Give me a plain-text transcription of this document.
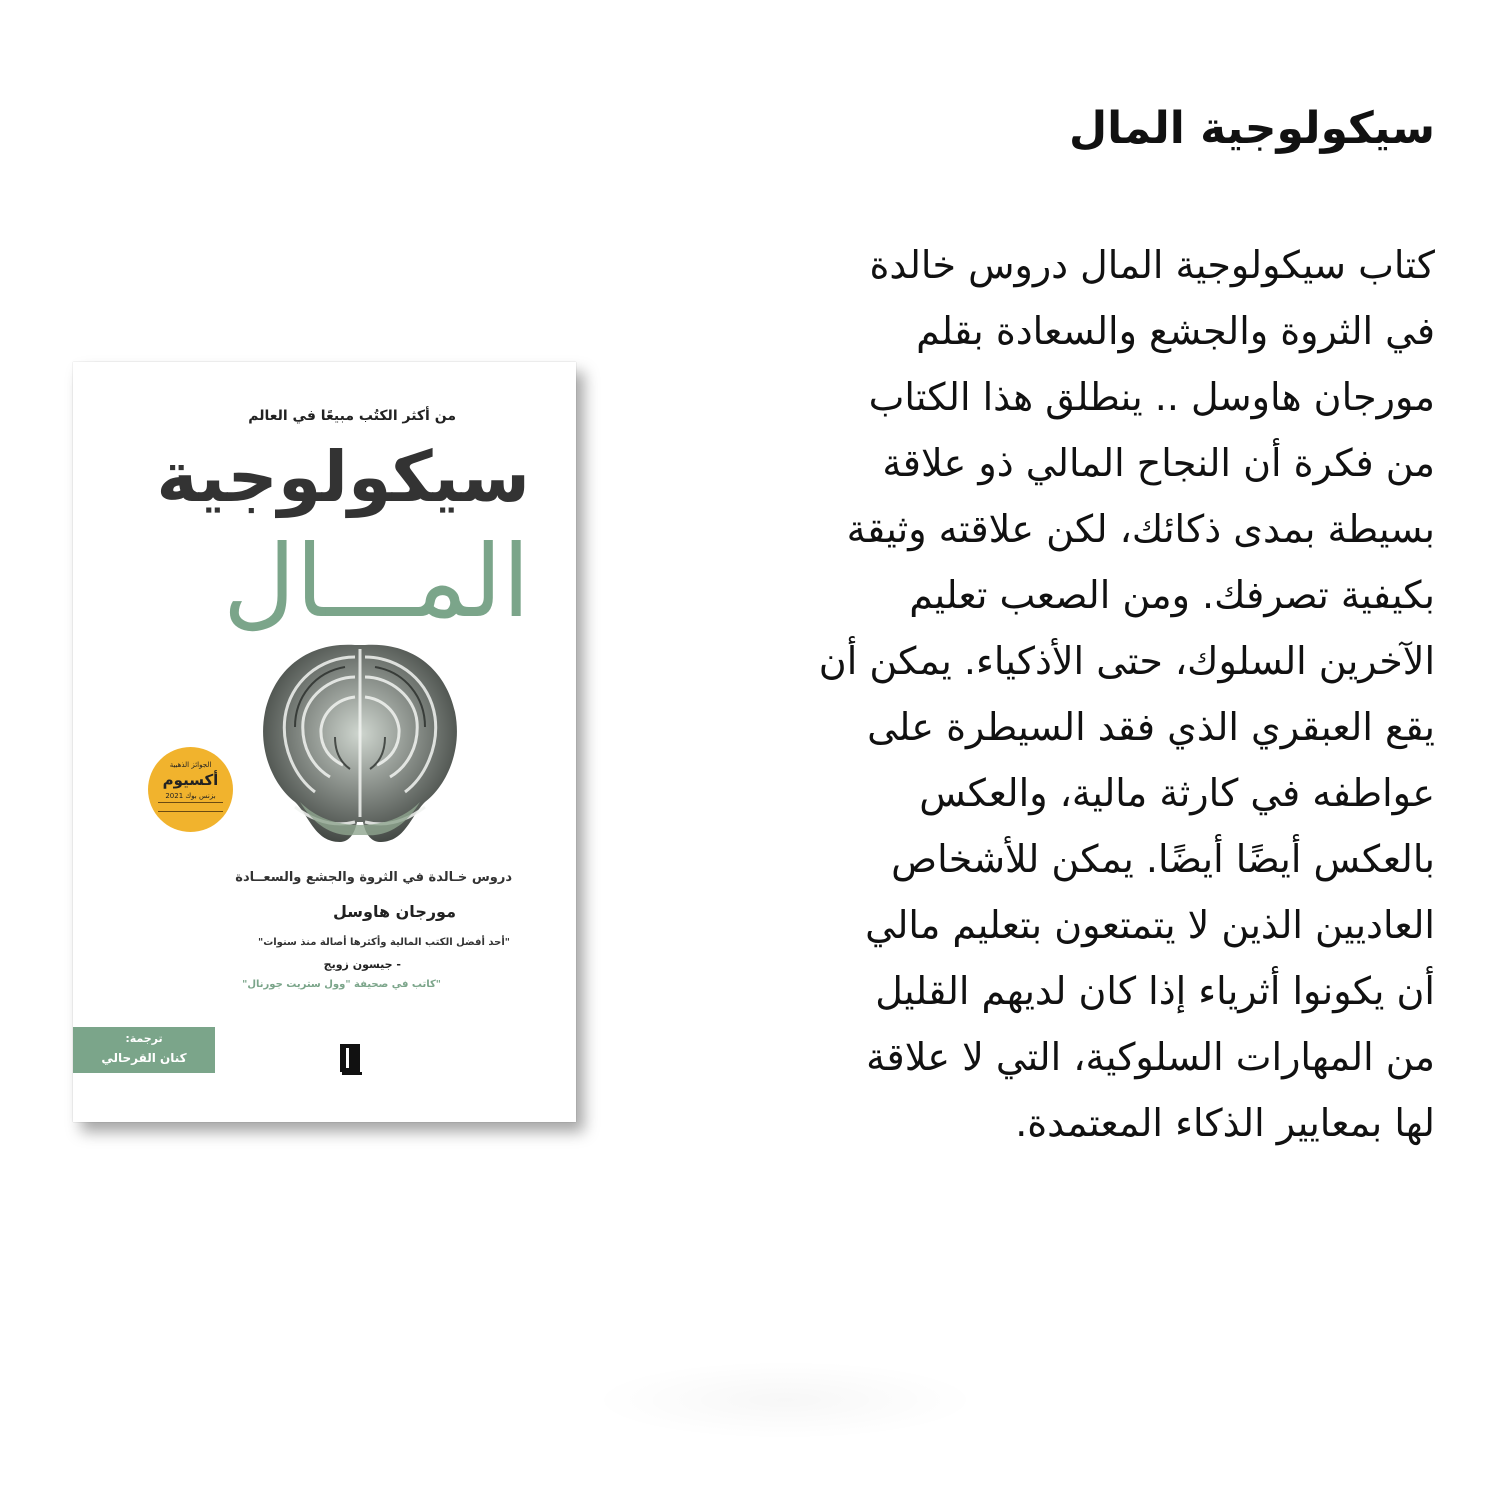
سيكولوجية المال
كتاب سيكولوجية المال دروس خالدة
في الثروة والجشع والسعادة بقلم
مورجان هاوسل .. ينطلق هذا الكتاب
من فكرة أن النجاح المالي ذو علاقة
بسيطة بمدى ذكائك، لكن علاقته وثيقة
بكيفية تصرفك. ومن الصعب تعليم
الآخرين السلوك، حتى الأذكياء. يمكن أن
يقع العبقري الذي فقد السيطرة على
عواطفه في كارثة مالية، والعكس
بالعكس أيضًا أيضًا. يمكن للأشخاص
العاديين الذين لا يتمتعون بتعليم مالي
أن يكونوا أثرياء إذا كان لديهم القليل
من المهارات السلوكية، التي لا علاقة
لها بمعايير الذكاء المعتمدة.
من أكثر الكتُب مبيعًا في العالم
سيكولوجية
المـــال
الجوائز الذهبية
أكسيوم
بزنس بوك 2021
دروس خـالدة في الثروة والجشع والسعــادة
مورجان هاوسل
"أحد أفضل الكتب المالية وأكثرها أصالة منذ سنوات"
- جيسون زويج
"كاتب في صحيفة "وول ستريت جورنال"
ترجمة:
كنان القرحالي
